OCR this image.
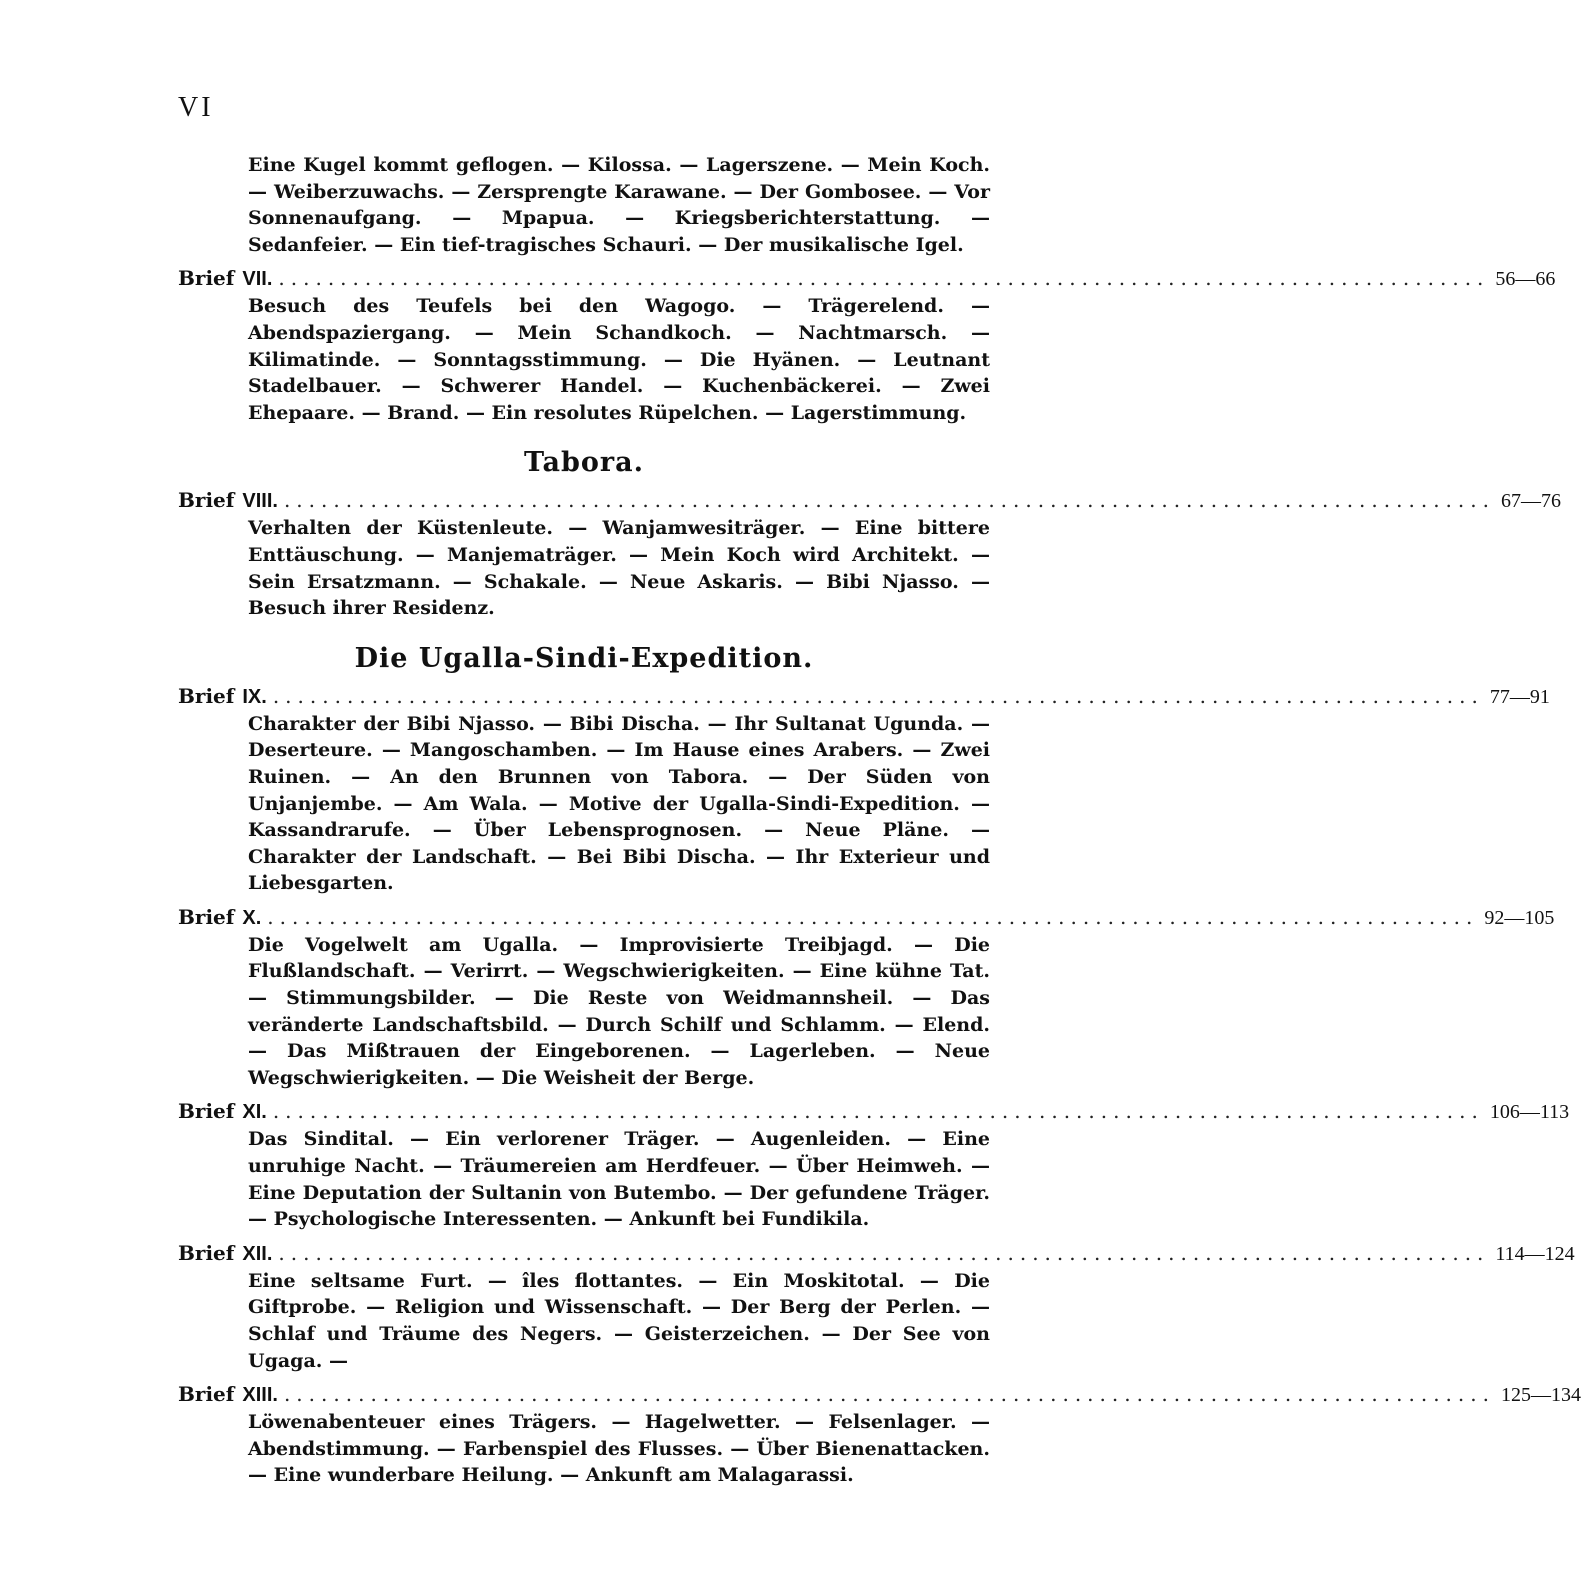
VI

Eine Kugel kommt geflogen. — Kilossa. — Lagerszene. — Mein Koch. — Weiberzuwachs. — Zersprengte Karawane. — Der Gombosee. — Vor Sonnenaufgang. — Mpapua. — Kriegsberichterstattung. — Sedanfeier. — Ein tief-tragisches Schauri. — Der musikalische Igel.

Brief VII. .................................................................................................. 56—66

Besuch des Teufels bei den Wagogo. — Trägerelend. — Abendspaziergang. — Mein Schandkoch. — Nachtmarsch. — Kilimatinde. — Sonntagsstimmung. — Die Hyänen. — Leutnant Stadelbauer. — Schwerer Handel. — Kuchenbäckerei. — Zwei Ehepaare. — Brand. — Ein resolutes Rüpelchen. — Lagerstimmung.

Tabora.
Brief VIII. .................................................................................................. 67—76

Verhalten der Küstenleute. — Wanjamwesiträger. — Eine bittere Enttäuschung. — Manjematräger. — Mein Koch wird Architekt. — Sein Ersatzmann. — Schakale. — Neue Askaris. — Bibi Njasso. — Besuch ihrer Residenz.

Die Ugalla-Sindi-Expedition.
Brief IX. .................................................................................................. 77—91

Charakter der Bibi Njasso. — Bibi Discha. — Ihr Sultanat Ugunda. — Deserteure. — Mangoschamben. — Im Hause eines Arabers. — Zwei Ruinen. — An den Brunnen von Tabora. — Der Süden von Unjanjembe. — Am Wala. — Motive der Ugalla-Sindi-Expedition. — Kassandrarufe. — Über Lebensprognosen. — Neue Pläne. — Charakter der Landschaft. — Bei Bibi Discha. — Ihr Exterieur und Liebesgarten.

Brief X. .................................................................................................. 92—105

Die Vogelwelt am Ugalla. — Improvisierte Treibjagd. — Die Flußlandschaft. — Verirrt. — Wegschwierigkeiten. — Eine kühne Tat. — Stimmungsbilder. — Die Reste von Weidmannsheil. — Das veränderte Landschaftsbild. — Durch Schilf und Schlamm. — Elend. — Das Mißtrauen der Eingeborenen. — Lagerleben. — Neue Wegschwierigkeiten. — Die Weisheit der Berge.

Brief XI. .................................................................................................. 106—113

Das Sindital. — Ein verlorener Träger. — Augenleiden. — Eine unruhige Nacht. — Träumereien am Herdfeuer. — Über Heimweh. — Eine Deputation der Sultanin von Butembo. — Der gefundene Träger. — Psychologische Interessenten. — Ankunft bei Fundikila.

Brief XII. .................................................................................................. 114—124

Eine seltsame Furt. — îles flottantes. — Ein Moskitotal. — Die Giftprobe. — Religion und Wissenschaft. — Der Berg der Perlen. — Schlaf und Träume des Negers. — Geisterzeichen. — Der See von Ugaga. —

Brief XIII. .................................................................................................. 125—134

Löwenabenteuer eines Trägers. — Hagelwetter. — Felsenlager. — Abendstimmung. — Farbenspiel des Flusses. — Über Bienenattacken. — Eine wunderbare Heilung. — Ankunft am Malagarassi.
